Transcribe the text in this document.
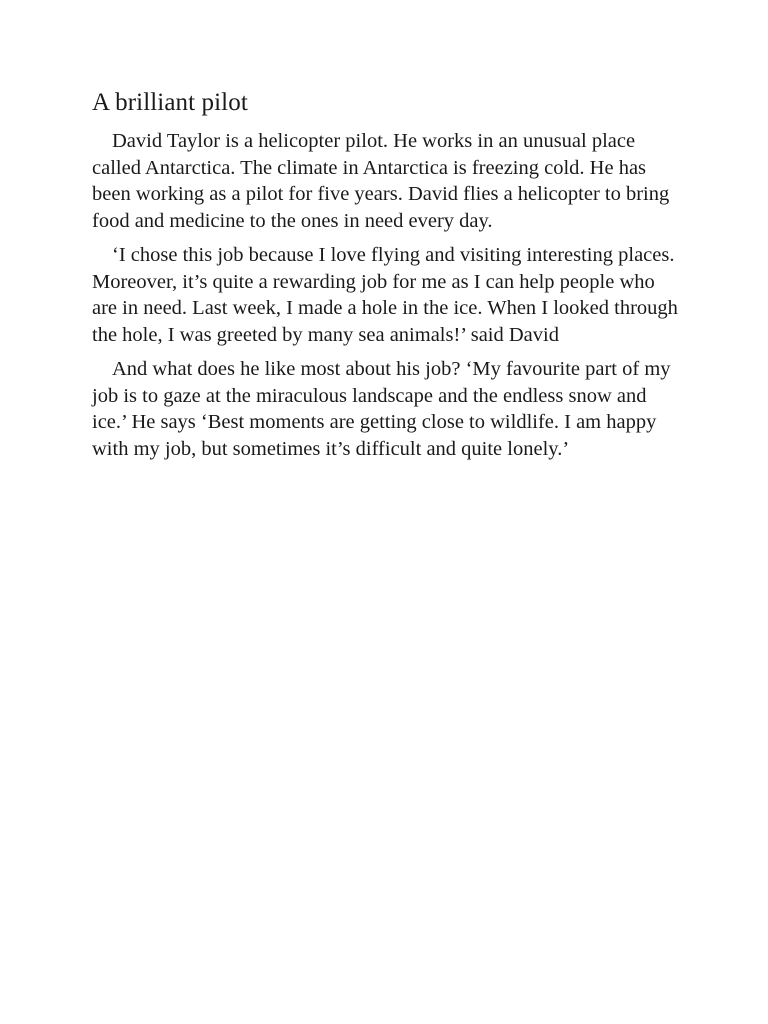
A brilliant pilot

David Taylor is a helicopter pilot. He works in an unusual place called Antarctica. The climate in Antarctica is freezing cold. He has been working as a pilot for five years. David flies a helicopter to bring food and medicine to the ones in need every day.

‘I chose this job because I love flying and visiting interesting places. Moreover, it’s quite a rewarding job for me as I can help people who are in need. Last week, I made a hole in the ice. When I looked through the hole, I was greeted by many sea animals!’ said David

And what does he like most about his job? ‘My favourite part of my job is to gaze at the miraculous landscape and the endless snow and ice.’ He says ‘Best moments are getting close to wildlife. I am happy with my job, but sometimes it’s difficult and quite lonely.’
